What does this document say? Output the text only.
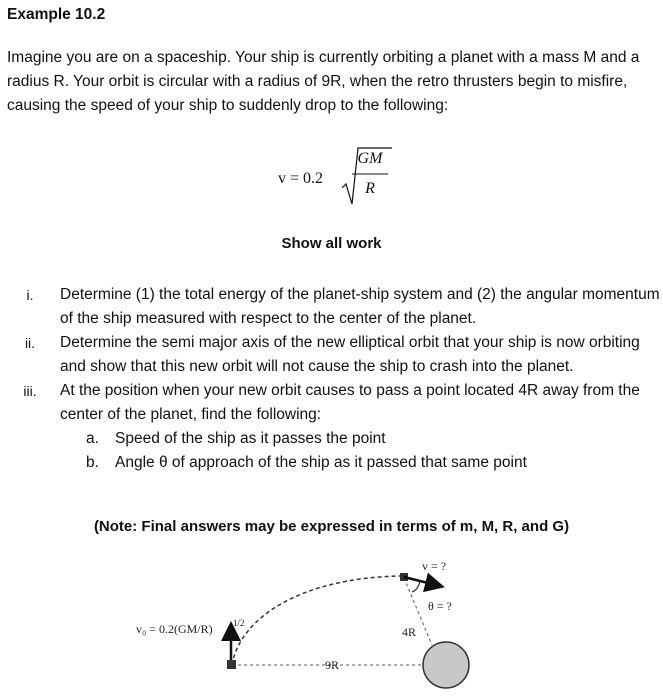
Example 10.2
Imagine you are on a spaceship. Your ship is currently orbiting a planet with a mass M and a radius R. Your orbit is circular with a radius of 9R, when the retro thrusters begin to misfire, causing the speed of your ship to suddenly drop to the following:
v = 0.2
GM
R
Show all work
i.	Determine (1) the total energy of the planet-ship system and (2) the angular momentum of the ship measured with respect to the center of the planet.
ii.	Determine the semi major axis of the new elliptical orbit that your ship is now orbiting and show that this new orbit will not cause the ship to crash into the planet.
iii.	At the position when your new orbit causes to pass a point located 4R away from the center of the planet, find the following:
a. Speed of the ship as it passes the point
b. Angle θ of approach of the ship as it passed that same point
(Note: Final answers may be expressed in terms of m, M, R, and G)
v₀ = 0.2(GM/R) 1/2
v = ?
θ = ?
4R
9R
